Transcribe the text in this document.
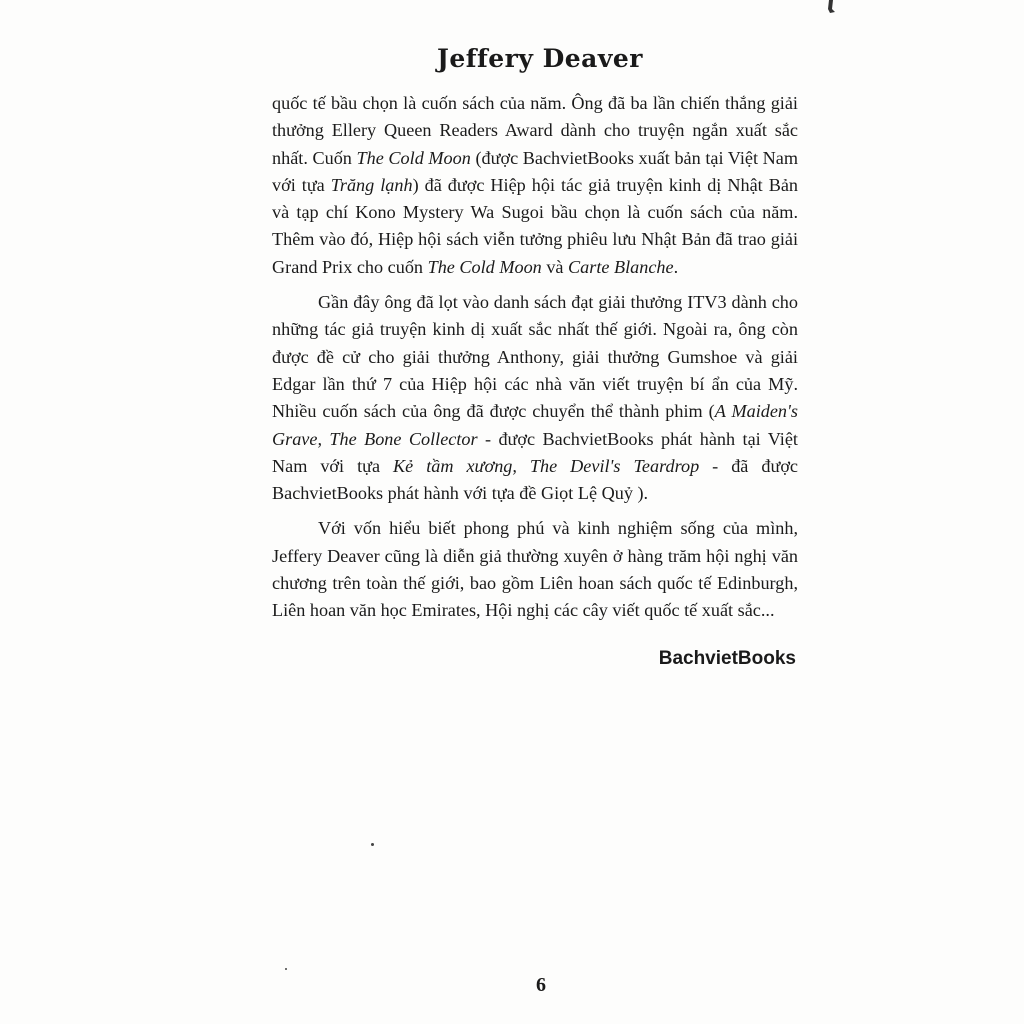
Jeffery Deaver

quốc tế bầu chọn là cuốn sách của năm. Ông đã ba lần chiến thắng giải thưởng Ellery Queen Readers Award dành cho truyện ngắn xuất sắc nhất. Cuốn The Cold Moon (được BachvietBooks xuất bản tại Việt Nam với tựa Trăng lạnh) đã được Hiệp hội tác giả truyện kinh dị Nhật Bản và tạp chí Kono Mystery Wa Sugoi bầu chọn là cuốn sách của năm. Thêm vào đó, Hiệp hội sách viễn tưởng phiêu lưu Nhật Bản đã trao giải Grand Prix cho cuốn The Cold Moon và Carte Blanche.

Gần đây ông đã lọt vào danh sách đạt giải thưởng ITV3 dành cho những tác giả truyện kinh dị xuất sắc nhất thế giới. Ngoài ra, ông còn được đề cử cho giải thưởng Anthony, giải thưởng Gumshoe và giải Edgar lần thứ 7 của Hiệp hội các nhà văn viết truyện bí ẩn của Mỹ. Nhiều cuốn sách của ông đã được chuyển thể thành phim (A Maiden's Grave, The Bone Collector - được BachvietBooks phát hành tại Việt Nam với tựa Kẻ tầm xương, The Devil's Teardrop - đã được BachvietBooks phát hành với tựa đề Giọt Lệ Quỷ ).

Với vốn hiểu biết phong phú và kinh nghiệm sống của mình, Jeffery Deaver cũng là diễn giả thường xuyên ở hàng trăm hội nghị văn chương trên toàn thế giới, bao gồm Liên hoan sách quốc tế Edinburgh, Liên hoan văn học Emirates, Hội nghị các cây viết quốc tế xuất sắc...

BachvietBooks
6
